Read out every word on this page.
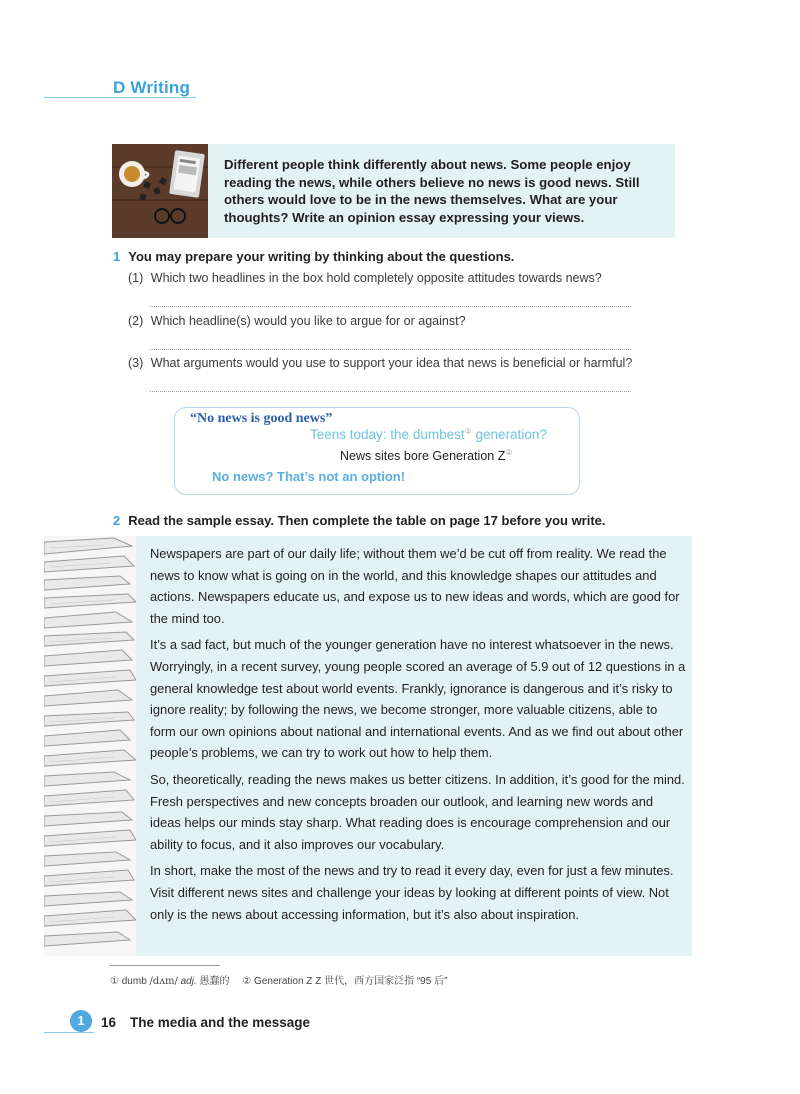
D Writing
Different people think differently about news. Some people enjoy reading the news, while others believe no news is good news. Still others would love to be in the news themselves. What are your thoughts? Write an opinion essay expressing your views.
1 You may prepare your writing by thinking about the questions.
(1) Which two headlines in the box hold completely opposite attitudes towards news?
(2) Which headline(s) would you like to argue for or against?
(3) What arguments would you use to support your idea that news is beneficial or harmful?
“No news is good news”
Teens today: the dumbest① generation?
News sites bore Generation Z②
No news? That’s not an option!
2 Read the sample essay. Then complete the table on page 17 before you write.

Newspapers are part of our daily life; without them we’d be cut off from reality. We read the news to know what is going on in the world, and this knowledge shapes our attitudes and actions. Newspapers educate us, and expose us to new ideas and words, which are good for the mind too.

It’s a sad fact, but much of the younger generation have no interest whatsoever in the news. Worryingly, in a recent survey, young people scored an average of 5.9 out of 12 questions in a general knowledge test about world events. Frankly, ignorance is dangerous and it’s risky to ignore reality; by following the news, we become stronger, more valuable citizens, able to form our own opinions about national and international events. And as we find out about other people’s problems, we can try to work out how to help them.

So, theoretically, reading the news makes us better citizens. In addition, it’s good for the mind. Fresh perspectives and new concepts broaden our outlook, and learning new words and ideas helps our minds stay sharp. What reading does is encourage comprehension and our ability to focus, and it also improves our vocabulary.

In short, make the most of the news and try to read it every day, even for just a few minutes. Visit different news sites and challenge your ideas by looking at different points of view. Not only is the news about accessing information, but it’s also about inspiration.

① dumb /dʌm/ adj. 愚蠢的 ② Generation Z Z 世代，西方国家泛指 “95 后”
1	16 The media and the message
